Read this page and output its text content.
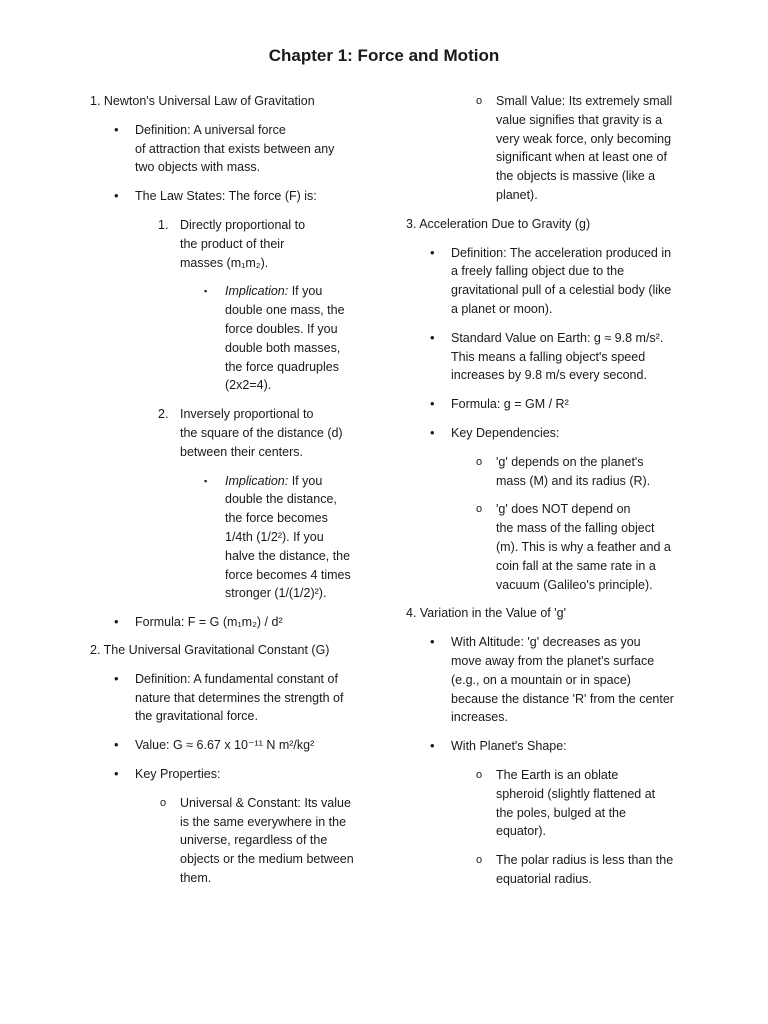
Chapter 1: Force and Motion

1. Newton's Universal Law of Gravitation

• Definition: A universal force
of attraction that exists between any
two objects with mass.
• The Law States: The force (F) is:
1. Directly proportional to
the product of their
masses (m₁m₂).
▪ Implication: If you
double one mass, the
force doubles. If you
double both masses,
the force quadruples
(2x2=4).
2. Inversely proportional to
the square of the distance (d)
between their centers.
▪ Implication: If you
double the distance,
the force becomes
1/4th (1/2²). If you
halve the distance, the
force becomes 4 times
stronger (1/(1/2)²).
• Formula: F = G (m₁m₂) / d²

2. The Universal Gravitational Constant (G)

• Definition: A fundamental constant of
nature that determines the strength of
the gravitational force.
• Value: G ≈ 6.67 x 10⁻¹¹ N m²/kg²
• Key Properties:
o Universal & Constant: Its value
is the same everywhere in the
universe, regardless of the
objects or the medium between
them.
o Small Value: Its extremely small
value signifies that gravity is a
very weak force, only becoming
significant when at least one of
the objects is massive (like a
planet).

3. Acceleration Due to Gravity (g)

• Definition: The acceleration produced in
a freely falling object due to the
gravitational pull of a celestial body (like
a planet or moon).
• Standard Value on Earth: g ≈ 9.8 m/s².
This means a falling object's speed
increases by 9.8 m/s every second.
• Formula: g = GM / R²
• Key Dependencies:
o 'g' depends on the planet's
mass (M) and its radius (R).
o 'g' does NOT depend on
the mass of the falling object
(m). This is why a feather and a
coin fall at the same rate in a
vacuum (Galileo's principle).

4. Variation in the Value of 'g'

• With Altitude: 'g' decreases as you
move away from the planet's surface
(e.g., on a mountain or in space)
because the distance 'R' from the center
increases.
• With Planet's Shape:
o The Earth is an oblate
spheroid (slightly flattened at
the poles, bulged at the
equator).
o The polar radius is less than the
equatorial radius.
